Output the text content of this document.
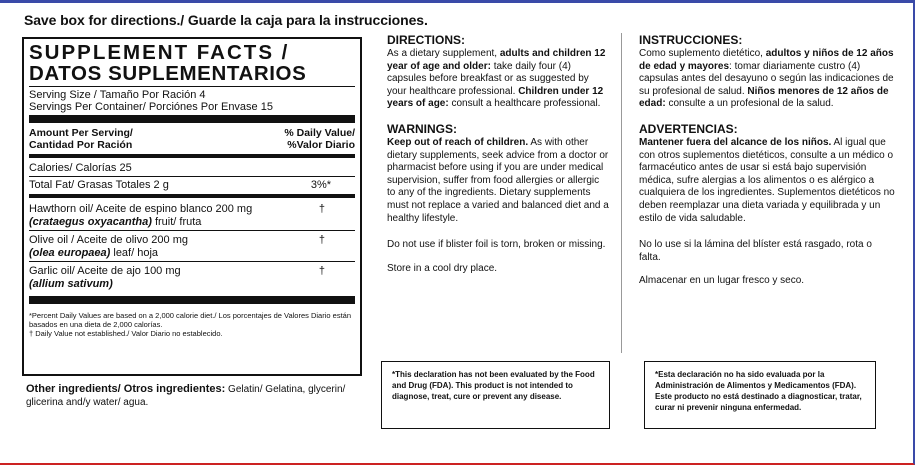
Save box for directions./ Guarde la caja para la instrucciones.
SUPPLEMENT FACTS /
DATOS SUPLEMENTARIOS
Serving Size / Tamaño Por Ración 4
Servings Per Container/ Porciónes Por Envase 15
Amount Per Serving/
Cantidad Por Ración
% Daily Value/
%Valor Diario
Calories/ Calorías 25
Total Fat/ Grasas Totales 2 g	3%*
Hawthorn oil/ Aceite de espino blanco 200 mg
(crataegus oxyacantha) fruit/ fruta
†
Olive oil / Aceite de olivo 200 mg
(olea europaea) leaf/ hoja
†
Garlic oil/ Aceite de ajo 100 mg
(allium sativum)
†
*Percent Daily Values are based on a 2,000 calorie diet./ Los porcentajes de Valores Diario están basados en una dieta de 2,000 calorías.
† Daily Value not established./ Valor Diario no establecido.
Other ingredients/ Otros ingredientes: Gelatin/ Gelatina, glycerin/ glicerina and/y water/ agua.
DIRECTIONS:

As a dietary supplement, adults and children 12 year of age and older: take daily four (4) capsules before breakfast or as suggested by your healthcare professional. Children under 12 years of age: consult a healthcare professional.

WARNINGS:

Keep out of reach of children. As with other dietary supplements, seek advice from a doctor or pharmacist before using if you are under medical supervision, suffer from food allergies or allergic to any of the ingredients. Dietary supplements must not replace a varied and balanced diet and a healthy lifestyle.

Do not use if blister foil is torn, broken or missing.

Store in a cool dry place.

INSTRUCCIONES:

Como suplemento dietético, adultos y niños de 12 años de edad y mayores: tomar diariamente custro (4) capsulas antes del desayuno o según las indicaciones de su profesional de salud. Niños menores de 12 años de edad: consulte a un profesional de la salud.

ADVERTENCIAS:

Mantener fuera del alcance de los niños. Al igual que con otros suplementos dietéticos, consulte a un médico o farmacéutico antes de usar si está bajo supervisión médica, sufre alergias a los alimentos o es alérgico a cualquiera de los ingredientes. Suplementos dietéticos no deben reemplazar una dieta variada y equilibrada y un estilo de vida saludable.

No lo use si la lámina del blíster está rasgado, rota o falta.

Almacenar en un lugar fresco y seco.

*This declaration has not been evaluated by the Food and Drug (FDA). This product is not intended to diagnose, treat, cure or prevent any disease.
*Esta declaración no ha sido evaluada por la Administración de Alimentos y Medicamentos (FDA). Este producto no está destinado a diagnosticar, tratar, curar ni prevenir ninguna enfermedad.
